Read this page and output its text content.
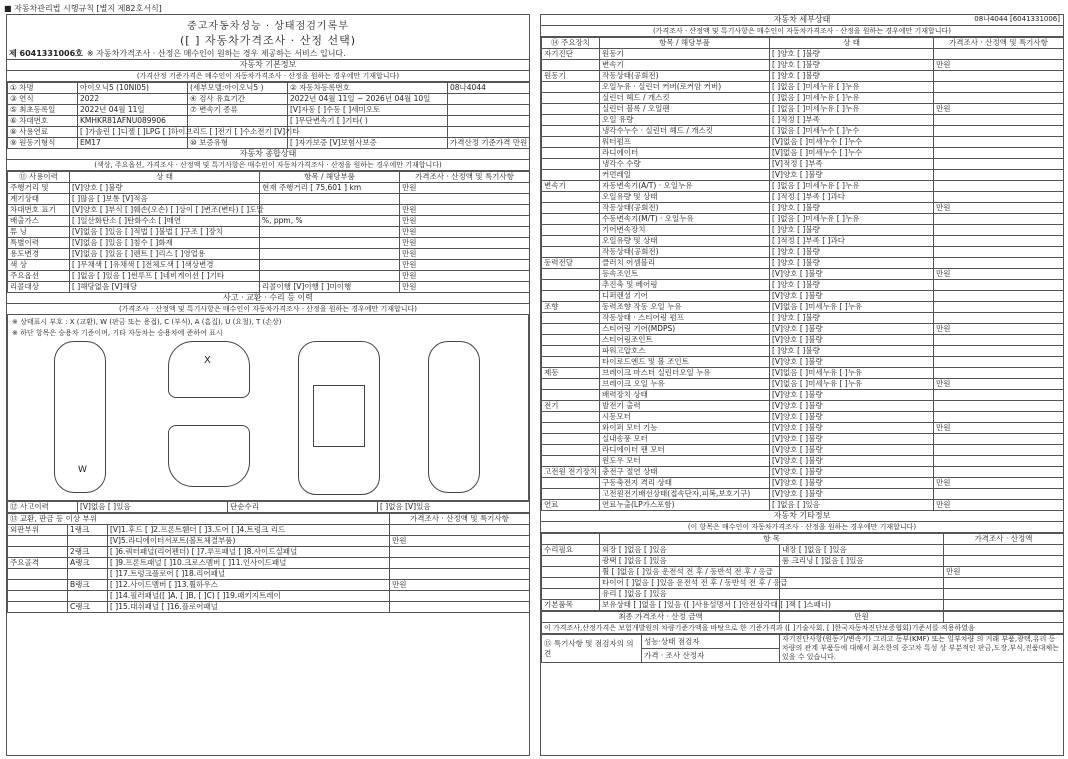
■ 자동차관리법 시행규칙 [별지 제82호서식]
08나4044 [6041331006]
중고자동차성능 · 상태점검기록부
([ ] 자동차가격조사 · 산정 선택)
제 6041331006호 ※ 자동차가격조사 · 산정은 매수인이 원하는 경우 제공하는 서비스 입니다.
자동차 기본정보
(가격산정 기준가격은 매수인이 자동차가격조사 · 산정을 원하는 경우에만 기재합니다)
① 차명	아이오닉5 (10NI05)	(세부모델:아이오닉5 )	② 자동차등록번호	08나4044
③ 연식	2022	④ 검사 유효기간	2022년 04월 11일 ~ 2026년 04월 10일	
⑤ 최초등록일	2022년 04월 11일	⑦ 변속기 종류	[V]자동 [ ]수동 [ ]세미오토	
⑥ 차대번호	KMHKR81AFNU089906		[ ]무단변속기 [ ]기타( )	
⑧ 사용연료	[ ]가솔린 [ ]디젤 [ ]LPG [ ]하이브리드 [ ]전기 [ ]수소전기 [V]기타			
⑨ 원동기형식	EM17	⑩ 보증유형	[ ]자가보증 [V]보험사보증	가격산정 기준가격 만원
자동차 종합상태
(색상, 주요옵션, 가격조사 · 산정액 및 특기사항은 매수인이 자동차가격조사 · 산정을 원하는 경우에만 기재합니다)
⑪ 사용이력	상 태	항목 / 해당부품	가격조사 · 산정액 및 특기사항
주행거리 및	[V]양호 [ ]불량	현재 주행거리 [ 75,601 ] km	만원
계기상태	[ ]많음 [ ]보통 [V]적음		
차대번호 표기	[V]양호 [ ]부식 [ ]훼손(오손) [ ]상이 [ ]변조(변타) [ ]도말		만원
배출가스	[ ]일산화탄소 [ ]탄화수소 [ ]매연	%, ppm, %	만원
튜 닝	[V]없음 [ ]있음 [ ]적법 [ ]불법 [ ]구조 [ ]장치		만원
특별이력	[V]없음 [ ]있음 [ ]침수 [ ]화재		만원
용도변경	[V]없음 [ ]있음 [ ]렌트 [ ]리스 [ ]영업용		만원
색 상	[ ]무채색 [ ]유채색 [ ]전체도색 [ ]색상변경		만원
주요옵션	[ ]없음 [ ]있음 [ ]썬루프 [ ]네비게이션 [ ]기타		만원
리콜대상	[ ]해당없음 [V]해당	리콜이행 [V]이행 [ ]미이행	만원
사고 · 교환 · 수리 등 이력
(가격조사 · 산정액 및 특기사항은 매수인이 자동차가격조사 · 산정을 원하는 경우에만 기재합니다)
※ 상태표시 부호 : X (교환), W (판금 또는 용접), C (부식), A (흠집), U (요철), T (손상)
※ 하단 항목은 승용차 기준이며, 기타 자동차는 승용차에 준하여 표시
W
X
⑫ 사고이력	[V]없음 [ ]있음	단순수리	[ ]없음 [V]있음
⑬ 교환, 판금 등 이상 부위			가격조사 · 산정액 및 특기사항
외판부위	1랭크	[V]1.후드 [ ]2.프론트휀더 [ ]3.도어 [ ]4.트렁크 리드	
		[V]5.라디에이터서포트(볼트체결부품)	만원
	2랭크	[ ]6.쿼터패널(리어펜더) [ ]7.루프패널 [ ]8.사이드실패널	
주요골격	A랭크	[ ]9.프론트패널 [ ]10.크로스멤버 [ ]11.인사이드패널	
		[ ]17.트렁크플로어 [ ]18.리어패널	
	B랭크	[ ]12.사이드멤버 [ ]13.휠하우스	만원
		[ ]14.필러패널([ ]A, [ ]B, [ ]C) [ ]19.패키지트레이	
	C랭크	[ ]15.대쉬패널 [ ]16.플로어패널	
자동차 세부상태
(가격조사 · 산정액 및 특기사항은 매수인이 자동차가격조사 · 산정을 원하는 경우에만 기재합니다)
⑭ 주요장치	항목 / 해당부품	상 태	가격조사 · 산정액 및 특기사항
자기진단	원동기	[ ]양호 [ ]불량	
	변속기	[ ]양호 [ ]불량	만원
원동기	작동상태(공회전)	[ ]양호 [ ]불량	
	오일누유 · 실린더 커버(로커암 커버)	[ ]없음 [ ]미세누유 [ ]누유	
	실린더 헤드 / 개스킷	[ ]없음 [ ]미세누유 [ ]누유	
	실린더 블록 / 오일팬	[ ]없음 [ ]미세누유 [ ]누유	만원
	오일 유량	[ ]적정 [ ]부족	
	냉각수누수 · 실린더 헤드 / 개스킷	[ ]없음 [ ]미세누수 [ ]누수	
	워터펌프	[V]없음 [ ]미세누수 [ ]누수	
	라디에이터	[V]없음 [ ]미세누수 [ ]누수	
	냉각수 수량	[V]적정 [ ]부족	
	커먼레일	[V]양호 [ ]불량	
변속기	자동변속기(A/T) · 오일누유	[ ]없음 [ ]미세누유 [ ]누유	
	오일유량 및 상태	[ ]적정 [ ]부족 [ ]과다	
	작동상태(공회전)	[ ]양호 [ ]불량	만원
	수동변속기(M/T) · 오일누유	[ ]없음 [ ]미세누유 [ ]누유	
	기어변속장치	[ ]양호 [ ]불량	
	오일유량 및 상태	[ ]적정 [ ]부족 [ ]과다	
	작동상태(공회전)	[ ]양호 [ ]불량	
동력전달	클러치 어셈블리	[ ]양호 [ ]불량	
	등속조인트	[V]양호 [ ]불량	만원
	추진축 및 베어링	[ ]양호 [ ]불량	
	디퍼렌셜 기어	[V]양호 [ ]불량	
조향	동력조향 작동 오일 누유	[V]없음 [ ]미세누유 [ ]누유	
	작동상태 · 스티어링 펌프	[ ]양호 [ ]불량	
	스티어링 기어(MDPS)	[V]양호 [ ]불량	만원
	스티어링조인트	[V]양호 [ ]불량	
	파워고압호스	[ ]양호 [ ]불량	
	타이로드엔드 및 볼 조인트	[V]양호 [ ]불량	
제동	브레이크 마스터 실린더오일 누유	[V]없음 [ ]미세누유 [ ]누유	
	브레이크 오일 누유	[V]없음 [ ]미세누유 [ ]누유	만원
	배력장치 상태	[V]양호 [ ]불량	
전기	발전기 출력	[V]양호 [ ]불량	
	시동모터	[V]양호 [ ]불량	
	와이퍼 모터 기능	[V]양호 [ ]불량	만원
	실내송풍 모터	[V]양호 [ ]불량	
	라디에이터 팬 모터	[V]양호 [ ]불량	
	윈도우 모터	[V]양호 [ ]불량	
고전원 전기장치	충전구 절연 상태	[V]양호 [ ]불량	
	구동축전지 격리 상태	[V]양호 [ ]불량	만원
	고전원전기배선상태(접속단자,피복,보호기구)	[V]양호 [ ]불량	
연료	연료누출(LP가스포함)	[ ]없음 [ ]있음	만원
자동차 기타정보
(이 항목은 매수인이 자동차가격조사 · 산정을 원하는 경우에만 기재합니다)
	항 목		가격조사 · 산정액
수리필요	외장 [ ]없음 [ ]있음	내장 [ ]없음 [ ]있음	
	광택 [ ]없음 [ ]있음	룸 크리닝 [ ]없음 [ ]있음	
	휠 [ ]없음 [ ]있음 운전석 전 후 / 동반석 전 후 / 응급		만원
	타이어 [ ]없음 [ ]있음 운전석 전 후 / 동반석 전 후 / 응급		
	유리 [ ]없음 [ ]있음		
기본품목	보유상태 [ ]없음 [ ]있음 ([ ]사용설명서 [ ]안전삼각대 [ ]잭 [ ]스패너)		
최종 가격조사 · 산정 금액	만원	
이 가격조사,산정가격은 보험개발원의 차량기준가액을 바탕으로 한 기준가격과 ([ ]기술사회, [ ]한국자동차진단보증협회)기준서를 적용하였음
⑮ 특기사항 및 점검자의 의견	성능·상태 점검자	자기진단사항(원동기/변속기) 그리고 동부(KMF) 또는 일부차량 의 거래 부품,광택,유리 등 차량의 관계 부품등에 대해서 최소한의 중고차 특성 상 부분적인 판금,도장,부식,진품대체는 있을 수 있습니다.
가격 · 조사 산정자
